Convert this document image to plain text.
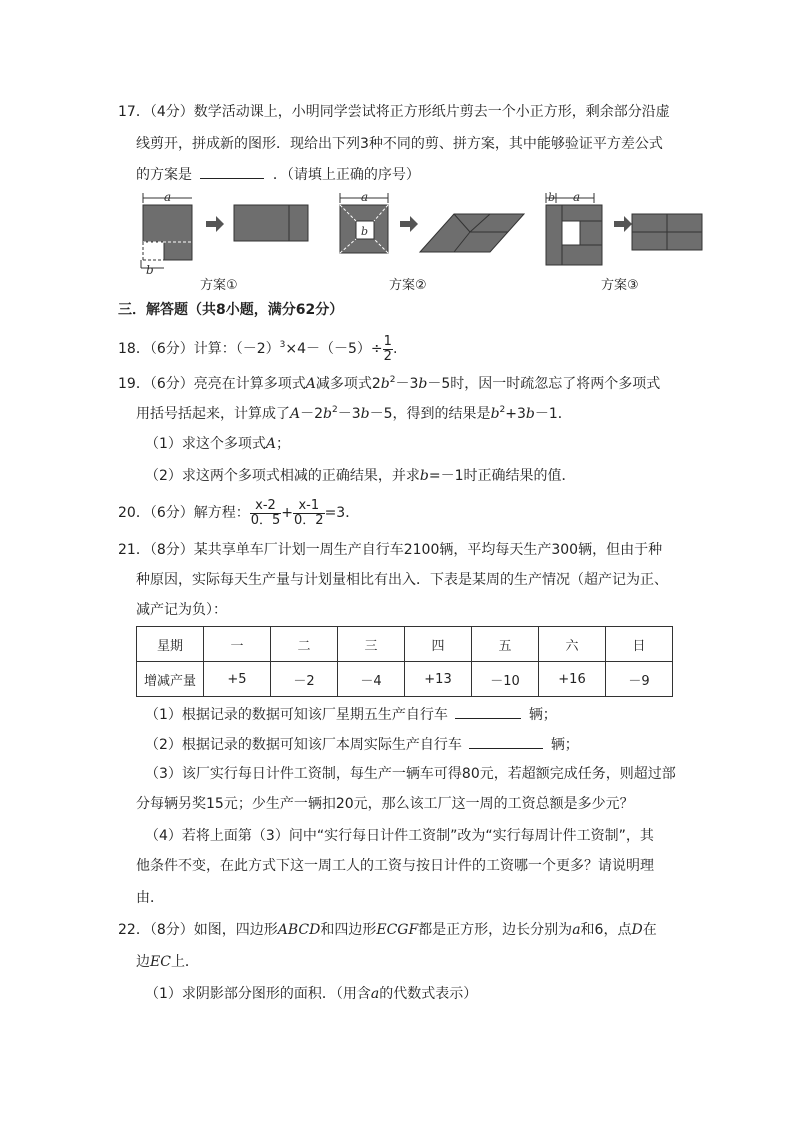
17．（4分）数学活动课上，小明同学尝试将正方形纸片剪去一个小正方形，剩余部分沿虚
线剪开，拼成新的图形．现给出下列3种不同的剪、拼方案，其中能够验证平方差公式
的方案是	．（请填上正确的序号）
a
b
a
b
b a
方案①	方案②	方案③
三．解答题（共8小题，满分62分）
18．（6分）计算：$(-2)^3\times 4-(-5)\div \frac{1}{2}$ .
19．（6分）亮亮在计算多项式A减多项式$2b^2-3b-5$时，因一时疏忽忘了将两个多项式
用括号括起来，计算成了$A-2b^2-3b-5$，得到的结果是$b^2+3b-1$．
（1）求这个多项式A；
（2）求这两个多项式相减的正确结果，并求b=－1时正确结果的值．
20．（6分）解方程： $\frac{x-2}{0.5} + \frac{x-1}{0.2} =3$．
21．（8分）某共享单车厂计划一周生产自行车2100辆，平均每天生产300辆，但由于种
种原因，实际每天生产量与计划量相比有出入．下表是某周的生产情况（超产记为正、
减产记为负）：
星期	一	二	三	四	五	六	日
增减产量	+5	－2	－4	+13	－10	+16	－9
（1）根据记录的数据可知该厂星期五生产自行车	辆；
（2）根据记录的数据可知该厂本周实际生产自行车	辆；
（3）该厂实行每日计件工资制，每生产一辆车可得80元，若超额完成任务，则超过部
分每辆另奖15元；少生产一辆扣20元，那么该工厂这一周的工资总额是多少元？
（4）若将上面第（3）问中“实行每日计件工资制”改为“实行每周计件工资制”，其
他条件不变，在此方式下这一周工人的工资与按日计件的工资哪一个更多？请说明理
由．
22．（8分）如图，四边形ABCD和四边形ECGF都是正方形，边长分别为a和6，点D在
边EC上．
（1）求阴影部分图形的面积．（用含a的代数式表示）
